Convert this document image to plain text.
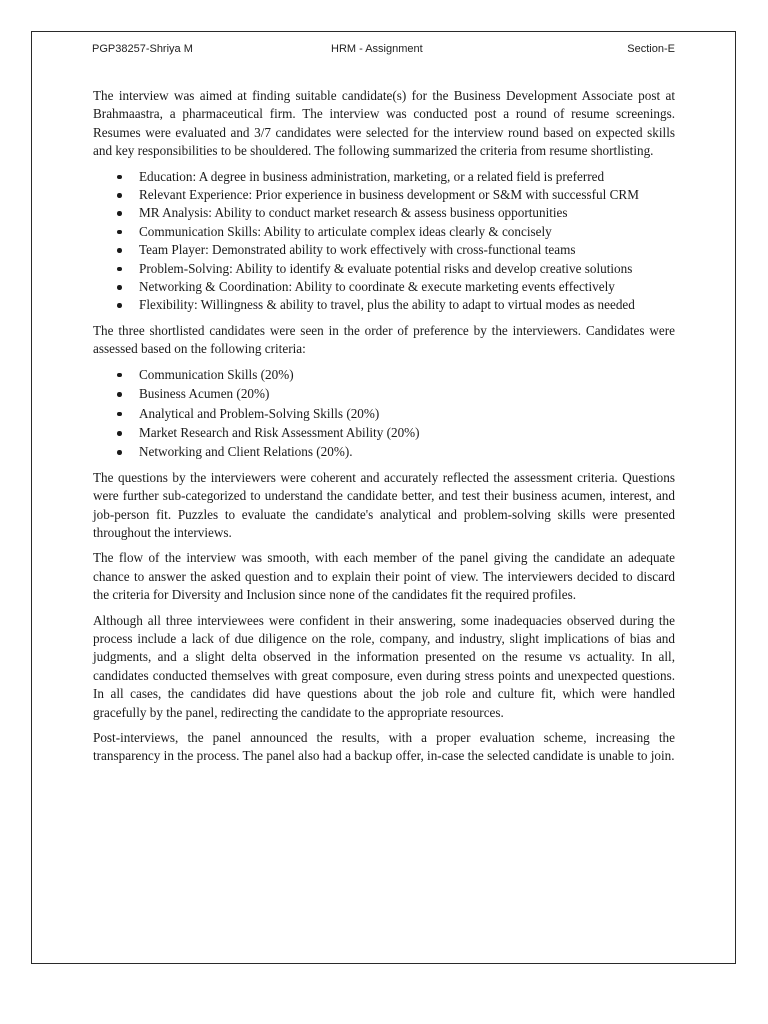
PGP38257-Shriya M	HRM - Assignment	Section-E

The interview was aimed at finding suitable candidate(s) for the Business Development Associate post at Brahmaastra, a pharmaceutical firm. The interview was conducted post a round of resume screenings. Resumes were evaluated and 3/7 candidates were selected for the interview round based on expected skills and key responsibilities to be shouldered. The following summarized the criteria from resume shortlisting.

Education: A degree in business administration, marketing, or a related field is preferred
Relevant Experience: Prior experience in business development or S&M with successful CRM
MR Analysis: Ability to conduct market research & assess business opportunities
Communication Skills: Ability to articulate complex ideas clearly & concisely
Team Player: Demonstrated ability to work effectively with cross-functional teams
Problem-Solving: Ability to identify & evaluate potential risks and develop creative solutions
Networking & Coordination: Ability to coordinate & execute marketing events effectively
Flexibility: Willingness & ability to travel, plus the ability to adapt to virtual modes as needed

The three shortlisted candidates were seen in the order of preference by the interviewers. Candidates were assessed based on the following criteria:

Communication Skills (20%)
Business Acumen (20%)
Analytical and Problem-Solving Skills (20%)
Market Research and Risk Assessment Ability (20%)
Networking and Client Relations (20%).

The questions by the interviewers were coherent and accurately reflected the assessment criteria. Questions were further sub-categorized to understand the candidate better, and test their business acumen, interest, and job-person fit. Puzzles to evaluate the candidate's analytical and problem-solving skills were presented throughout the interviews.

The flow of the interview was smooth, with each member of the panel giving the candidate an adequate chance to answer the asked question and to explain their point of view. The interviewers decided to discard the criteria for Diversity and Inclusion since none of the candidates fit the required profiles.

Although all three interviewees were confident in their answering, some inadequacies observed during the process include a lack of due diligence on the role, company, and industry, slight implications of bias and judgments, and a slight delta observed in the information presented on the resume vs actuality. In all, candidates conducted themselves with great composure, even during stress points and unexpected questions. In all cases, the candidates did have questions about the job role and culture fit, which were handled gracefully by the panel, redirecting the candidate to the appropriate resources.

Post-interviews, the panel announced the results, with a proper evaluation scheme, increasing the transparency in the process. The panel also had a backup offer, in-case the selected candidate is unable to join.
